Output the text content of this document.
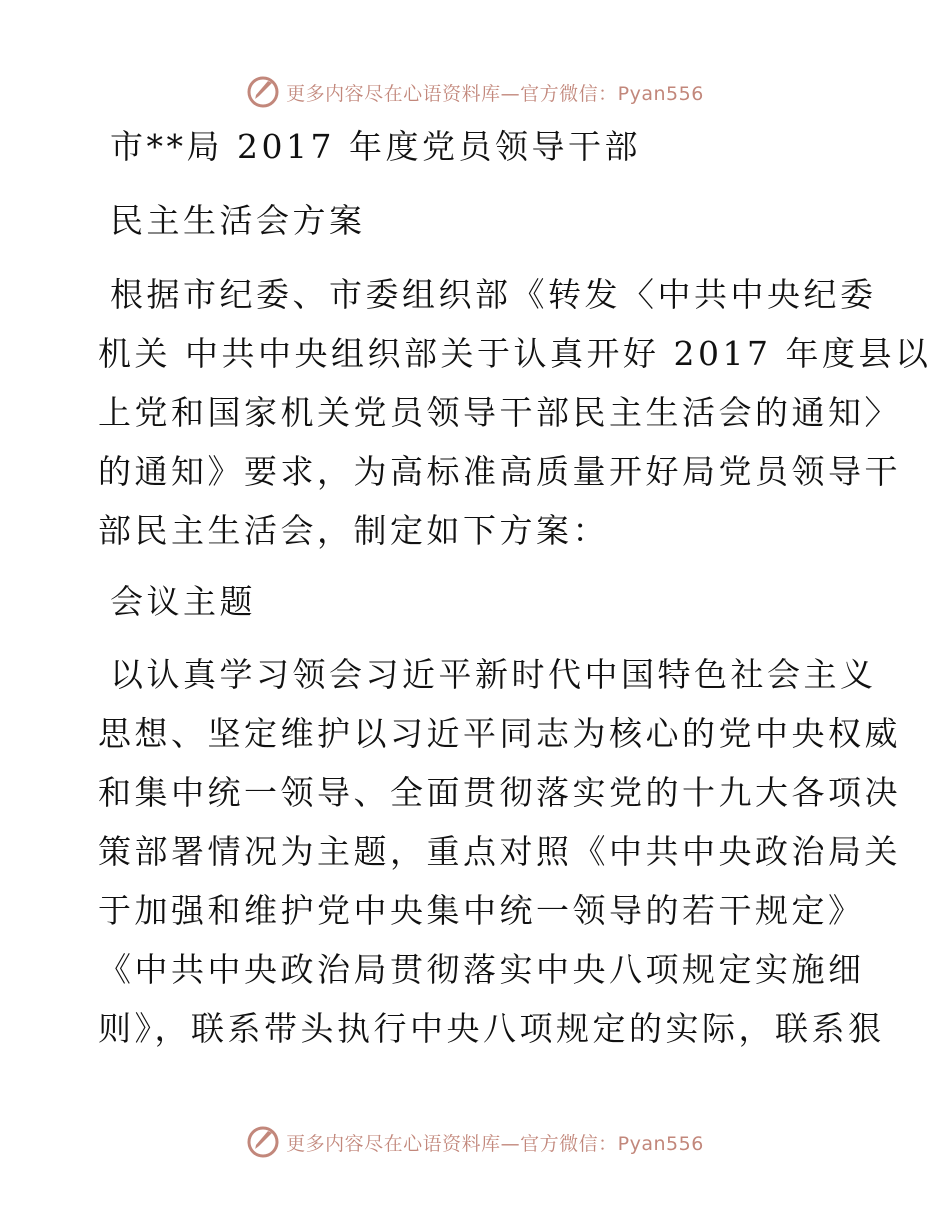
更多内容尽在心语资料库—官方微信：Pyan556
市**局 2017 年度党员领导干部
民主生活会方案
根据市纪委、市委组织部《转发〈中共中央纪委
机关 中共中央组织部关于认真开好 2017 年度县以
上党和国家机关党员领导干部民主生活会的通知〉
的通知》要求，为高标准高质量开好局党员领导干
部民主生活会，制定如下方案：
会议主题
以认真学习领会习近平新时代中国特色社会主义
思想、坚定维护以习近平同志为核心的党中央权威
和集中统一领导、全面贯彻落实党的十九大各项决
策部署情况为主题，重点对照《中共中央政治局关
于加强和维护党中央集中统一领导的若干规定》
《中共中央政治局贯彻落实中央八项规定实施细
则》，联系带头执行中央八项规定的实际，联系狠
更多内容尽在心语资料库—官方微信：Pyan556
